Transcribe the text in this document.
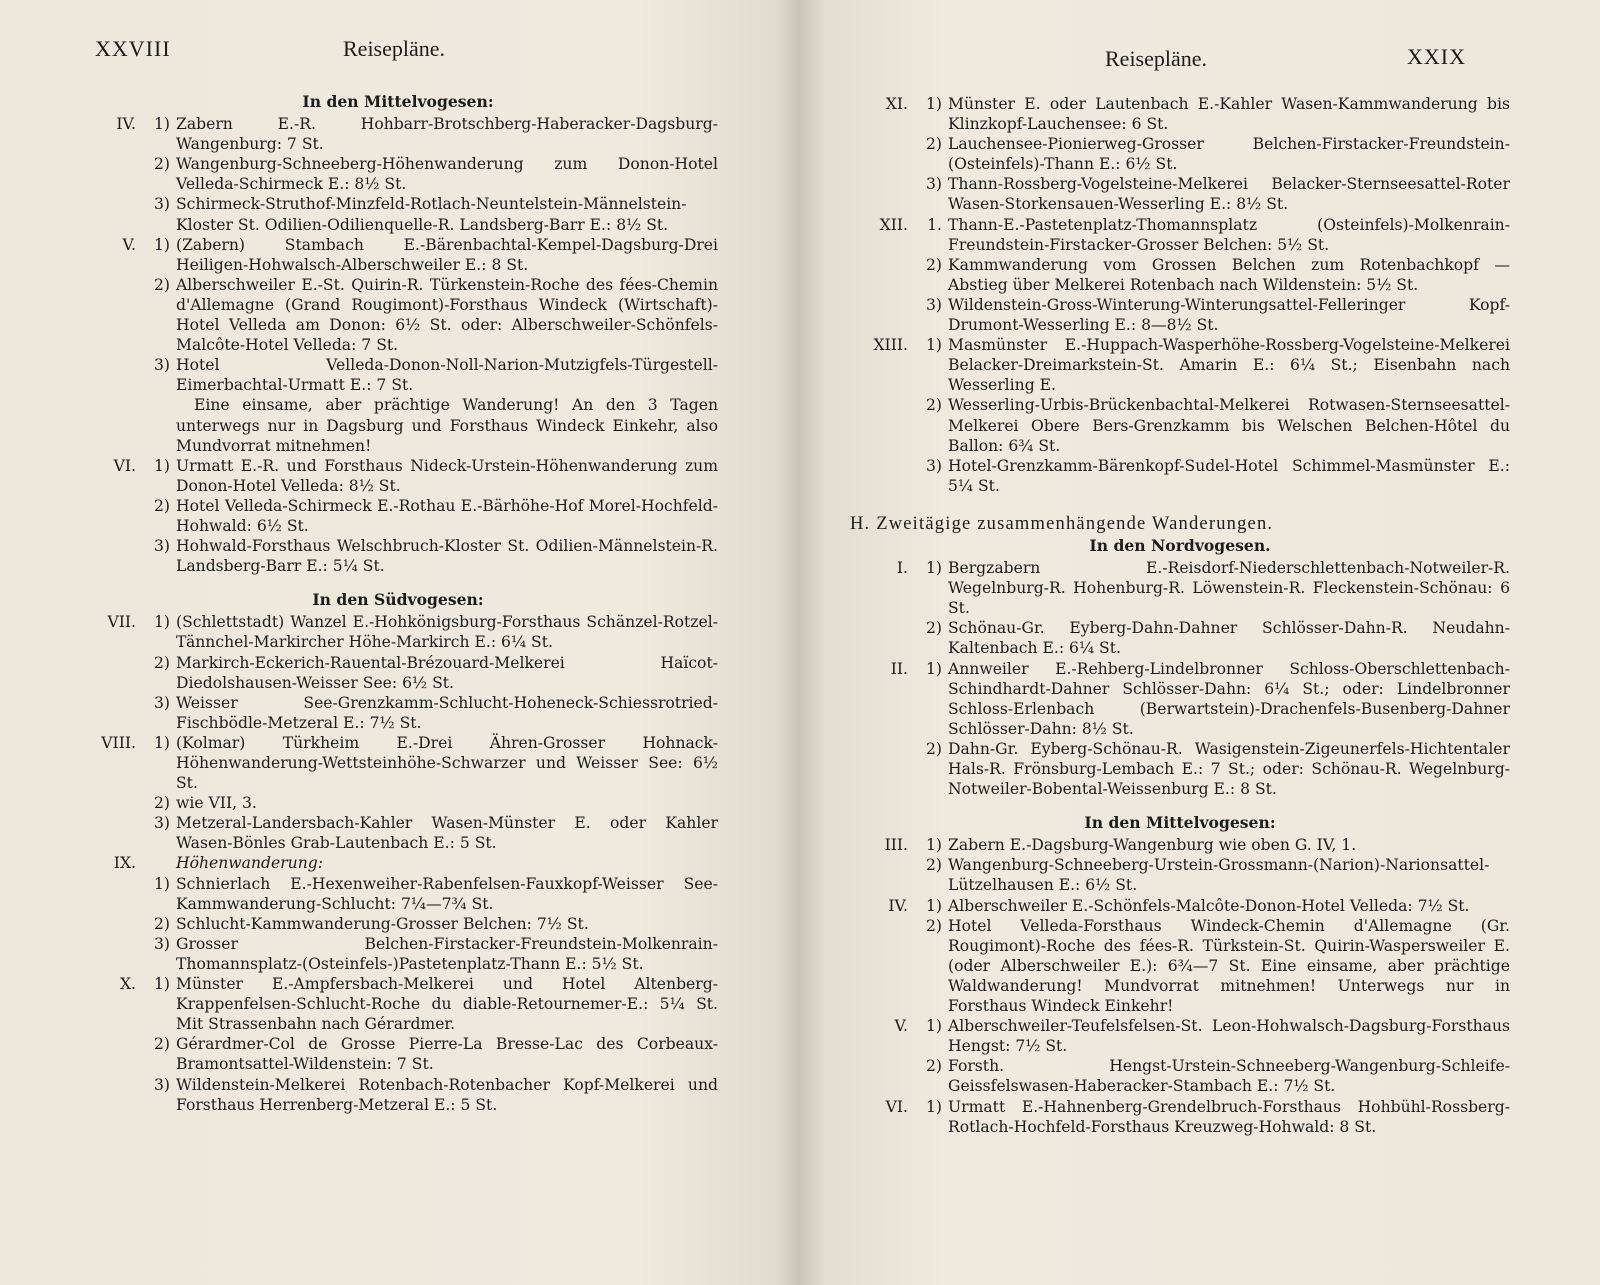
XXVIII	Reisepläne.
In den Mittelvogesen:
IV.	1) Zabern E.-R. Hohbarr-Brotschberg-Haberacker-Dagsburg-Wangenburg: 7 St.
2) Wangenburg-Schneeberg-Höhenwanderung zum Donon-Hotel Velleda-Schirmeck E.: 8½ St.
3) Schirmeck-Struthof-Minzfeld-Rotlach-Neuntelstein-Männelstein-Kloster St. Odilien-Odilienquelle-R. Landsberg-Barr E.: 8½ St.
V.	1) (Zabern) Stambach E.-Bärenbachtal-Kempel-Dagsburg-Drei Heiligen-Hohwalsch-Alberschweiler E.: 8 St.
2) Alberschweiler E.-St. Quirin-R. Türkenstein-Roche des fées-Chemin d'Allemagne (Grand Rougimont)-Forsthaus Windeck (Wirtschaft)-Hotel Velleda am Donon: 6½ St. oder: Alberschweiler-Schönfels-Malcôte-Hotel Velleda: 7 St.
3) Hotel Velleda-Donon-Noll-Narion-Mutzigfels-Türgestell-Eimerbachtal-Urmatt E.: 7 St.
Eine einsame, aber prächtige Wanderung! An den 3 Tagen unterwegs nur in Dagsburg und Forsthaus Windeck Einkehr, also Mundvorrat mitnehmen!
VI.	1) Urmatt E.-R. und Forsthaus Nideck-Urstein-Höhenwanderung zum Donon-Hotel Velleda: 8½ St.
2) Hotel Velleda-Schirmeck E.-Rothau E.-Bärhöhe-Hof Morel-Hochfeld-Hohwald: 6½ St.
3) Hohwald-Forsthaus Welschbruch-Kloster St. Odilien-Männelstein-R. Landsberg-Barr E.: 5¼ St.
In den Südvogesen:
VII.	1) (Schlettstadt) Wanzel E.-Hohkönigsburg-Forsthaus Schänzel-Rotzel-Tännchel-Markircher Höhe-Markirch E.: 6¼ St.
2) Markirch-Eckerich-Rauental-Brézouard-Melkerei Haïcot-Diedolshausen-Weisser See: 6½ St.
3) Weisser See-Grenzkamm-Schlucht-Hoheneck-Schiessrotried-Fischbödle-Metzeral E.: 7½ St.
VIII.	1) (Kolmar) Türkheim E.-Drei Ähren-Grosser Hohnack-Höhenwanderung-Wettsteinhöhe-Schwarzer und Weisser See: 6½ St.
2) wie VII, 3.
3) Metzeral-Landersbach-Kahler Wasen-Münster E. oder Kahler Wasen-Bönles Grab-Lautenbach E.: 5 St.
IX.	Höhenwanderung:
1) Schnierlach E.-Hexenweiher-Rabenfelsen-Fauxkopf-Weisser See-Kammwanderung-Schlucht: 7¼—7¾ St.
2) Schlucht-Kammwanderung-Grosser Belchen: 7½ St.
3) Grosser Belchen-Firstacker-Freundstein-Molkenrain-Thomannsplatz-(Osteinfels-)Pastetenplatz-Thann E.: 5½ St.
X.	1) Münster E.-Ampfersbach-Melkerei und Hotel Altenberg-Krappenfelsen-Schlucht-Roche du diable-Retournemer-E.: 5¼ St. Mit Strassenbahn nach Gérardmer.
2) Gérardmer-Col de Grosse Pierre-La Bresse-Lac des Corbeaux-Bramontsattel-Wildenstein: 7 St.
3) Wildenstein-Melkerei Rotenbach-Rotenbacher Kopf-Melkerei und Forsthaus Herrenberg-Metzeral E.: 5 St.
Reisepläne.	XXIX
XI.	1) Münster E. oder Lautenbach E.-Kahler Wasen-Kammwanderung bis Klinzkopf-Lauchensee: 6 St.
2) Lauchensee-Pionierweg-Grosser Belchen-Firstacker-Freundstein-(Osteinfels)-Thann E.: 6½ St.
3) Thann-Rossberg-Vogelsteine-Melkerei Belacker-Sternseesattel-Roter Wasen-Storkensauen-Wesserling E.: 8½ St.
XII.	1. Thann-E.-Pastetenplatz-Thomannsplatz (Osteinfels)-Molkenrain-Freundstein-Firstacker-Grosser Belchen: 5½ St.
2) Kammwanderung vom Grossen Belchen zum Rotenbachkopf — Abstieg über Melkerei Rotenbach nach Wildenstein: 5½ St.
3) Wildenstein-Gross-Winterung-Winterungsattel-Felleringer Kopf-Drumont-Wesserling E.: 8—8½ St.
XIII.	1) Masmünster E.-Huppach-Wasperhöhe-Rossberg-Vogelsteine-Melkerei Belacker-Dreimarkstein-St. Amarin E.: 6¼ St.; Eisenbahn nach Wesserling E.
2) Wesserling-Urbis-Brückenbachtal-Melkerei Rotwasen-Sternseesattel-Melkerei Obere Bers-Grenzkamm bis Welschen Belchen-Hôtel du Ballon: 6¾ St.
3) Hotel-Grenzkamm-Bärenkopf-Sudel-Hotel Schimmel-Masmünster E.: 5¼ St.
H. Zweitägige zusammenhängende Wanderungen.
In den Nordvogesen.
I.	1) Bergzabern E.-Reisdorf-Niederschlettenbach-Notweiler-R. Wegelnburg-R. Hohenburg-R. Löwenstein-R. Fleckenstein-Schönau: 6 St.
2) Schönau-Gr. Eyberg-Dahn-Dahner Schlösser-Dahn-R. Neudahn-Kaltenbach E.: 6¼ St.
II.	1) Annweiler E.-Rehberg-Lindelbronner Schloss-Oberschlettenbach-Schindhardt-Dahner Schlösser-Dahn: 6¼ St.; oder: Lindelbronner Schloss-Erlenbach (Berwartstein)-Drachenfels-Busenberg-Dahner Schlösser-Dahn: 8½ St.
2) Dahn-Gr. Eyberg-Schönau-R. Wasigenstein-Zigeunerfels-Hichtentaler Hals-R. Frönsburg-Lembach E.: 7 St.; oder: Schönau-R. Wegelnburg-Notweiler-Bobental-Weissenburg E.: 8 St.
In den Mittelvogesen:
III.	1) Zabern E.-Dagsburg-Wangenburg wie oben G. IV, 1.
2) Wangenburg-Schneeberg-Urstein-Grossmann-(Narion)-Narionsattel-Lützelhausen E.: 6½ St.
IV.	1) Alberschweiler E.-Schönfels-Malcôte-Donon-Hotel Velleda: 7½ St.
2) Hotel Velleda-Forsthaus Windeck-Chemin d'Allemagne (Gr. Rougimont)-Roche des fées-R. Türkstein-St. Quirin-Waspersweiler E. (oder Alberschweiler E.): 6¾—7 St. Eine einsame, aber prächtige Waldwanderung! Mundvorrat mitnehmen! Unterwegs nur in Forsthaus Windeck Einkehr!
V.	1) Alberschweiler-Teufelsfelsen-St. Leon-Hohwalsch-Dagsburg-Forsthaus Hengst: 7½ St.
2) Forsth. Hengst-Urstein-Schneeberg-Wangenburg-Schleife-Geissfelswasen-Haberacker-Stambach E.: 7½ St.
VI.	1) Urmatt E.-Hahnenberg-Grendelbruch-Forsthaus Hohbühl-Rossberg-Rotlach-Hochfeld-Forsthaus Kreuzweg-Hohwald: 8 St.
